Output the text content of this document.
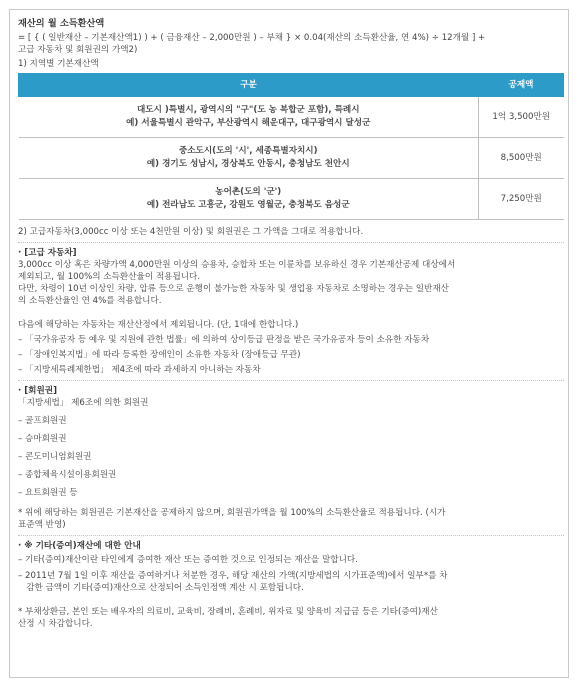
재산의 월 소득환산액
= [ { ( 일반재산 – 기본재산액1) ) + ( 금융재산 – 2,000만원 ) – 부채 } × 0.04(재산의 소득환산율, 연 4%) ÷ 12개월 ] +
고급 자동차 및 회원권의 가액2)
1) 지역별 기본재산액
구분	공제액

대도시 )특별시, 광역시의 "구"(도 농 복합군 포함), 특례시
예) 서울특별시 관악구, 부산광역시 해운대구, 대구광역시 달성군	1억 3,500만원

중소도시(도의 '시', 세종특별자치시)
예) 경기도 성남시, 경상북도 안동시, 충청남도 천안시	8,500만원

농어촌(도의 '군')
예) 전라남도 고흥군, 강원도 영월군, 충청북도 음성군	7,250만원
2) 고급자동차(3,000cc 이상 또는 4천만원 이상) 및 회원권은 그 가액을 그대로 적용합니다.
· [고급 자동차]
3,000cc 이상 혹은 차량가액 4,000만원 이상의 승용차, 승합차 또는 이륜차를 보유하신 경우 기본재산공제 대상에서
제외되고, 월 100%의 소득환산율이 적용됩니다.
다만, 차령이 10년 이상인 차량, 압류 등으로 운행이 불가능한 자동차 및 생업용 자동차로 소명하는 경우는 일반재산
의 소득환산율인 연 4%를 적용합니다.
다음에 해당하는 자동차는 재산산정에서 제외됩니다. (단, 1대에 한합니다.)
– 「국가유공자 등 예우 및 지원에 관한 법률」에 의하여 상이등급 판정을 받은 국가유공자 등이 소유한 자동차
– 「장애인복지법」에 따라 등록한 장애인이 소유한 자동차 (장애등급 무관)
– 「지방세특례제한법」 제4조에 따라 과세하지 아니하는 자동차
· [회원권]
「지방세법」 제6조에 의한 회원권
– 골프회원권
– 승마회원권
– 콘도미니엄회원권
– 종합체육시설이용회원권
– 요트회원권 등
* 위에 해당하는 회원권은 기본재산을 공제하지 않으며, 회원권가액을 월 100%의 소득환산율로 적용됩니다. (시가
표준액 반영)
· ※ 기타(증여)재산에 대한 안내
– 기타(증여)재산이란 타인에게 증여한 재산 또는 증여한 것으로 인정되는 재산을 말합니다.
– 2011년 7월 1일 이후 재산을 증여하거나 처분한 경우, 해당 재산의 가액(지방세법의 시가표준액)에서 일부*를 차
감한 금액이 기타(증여)재산으로 산정되어 소득인정액 계산 시 포함됩니다.
* 부채상환금, 본인 또는 배우자의 의료비, 교육비, 장례비, 혼례비, 위자료 및 양육비 지급금 등은 기타(증여)재산
산정 시 차감합니다.
